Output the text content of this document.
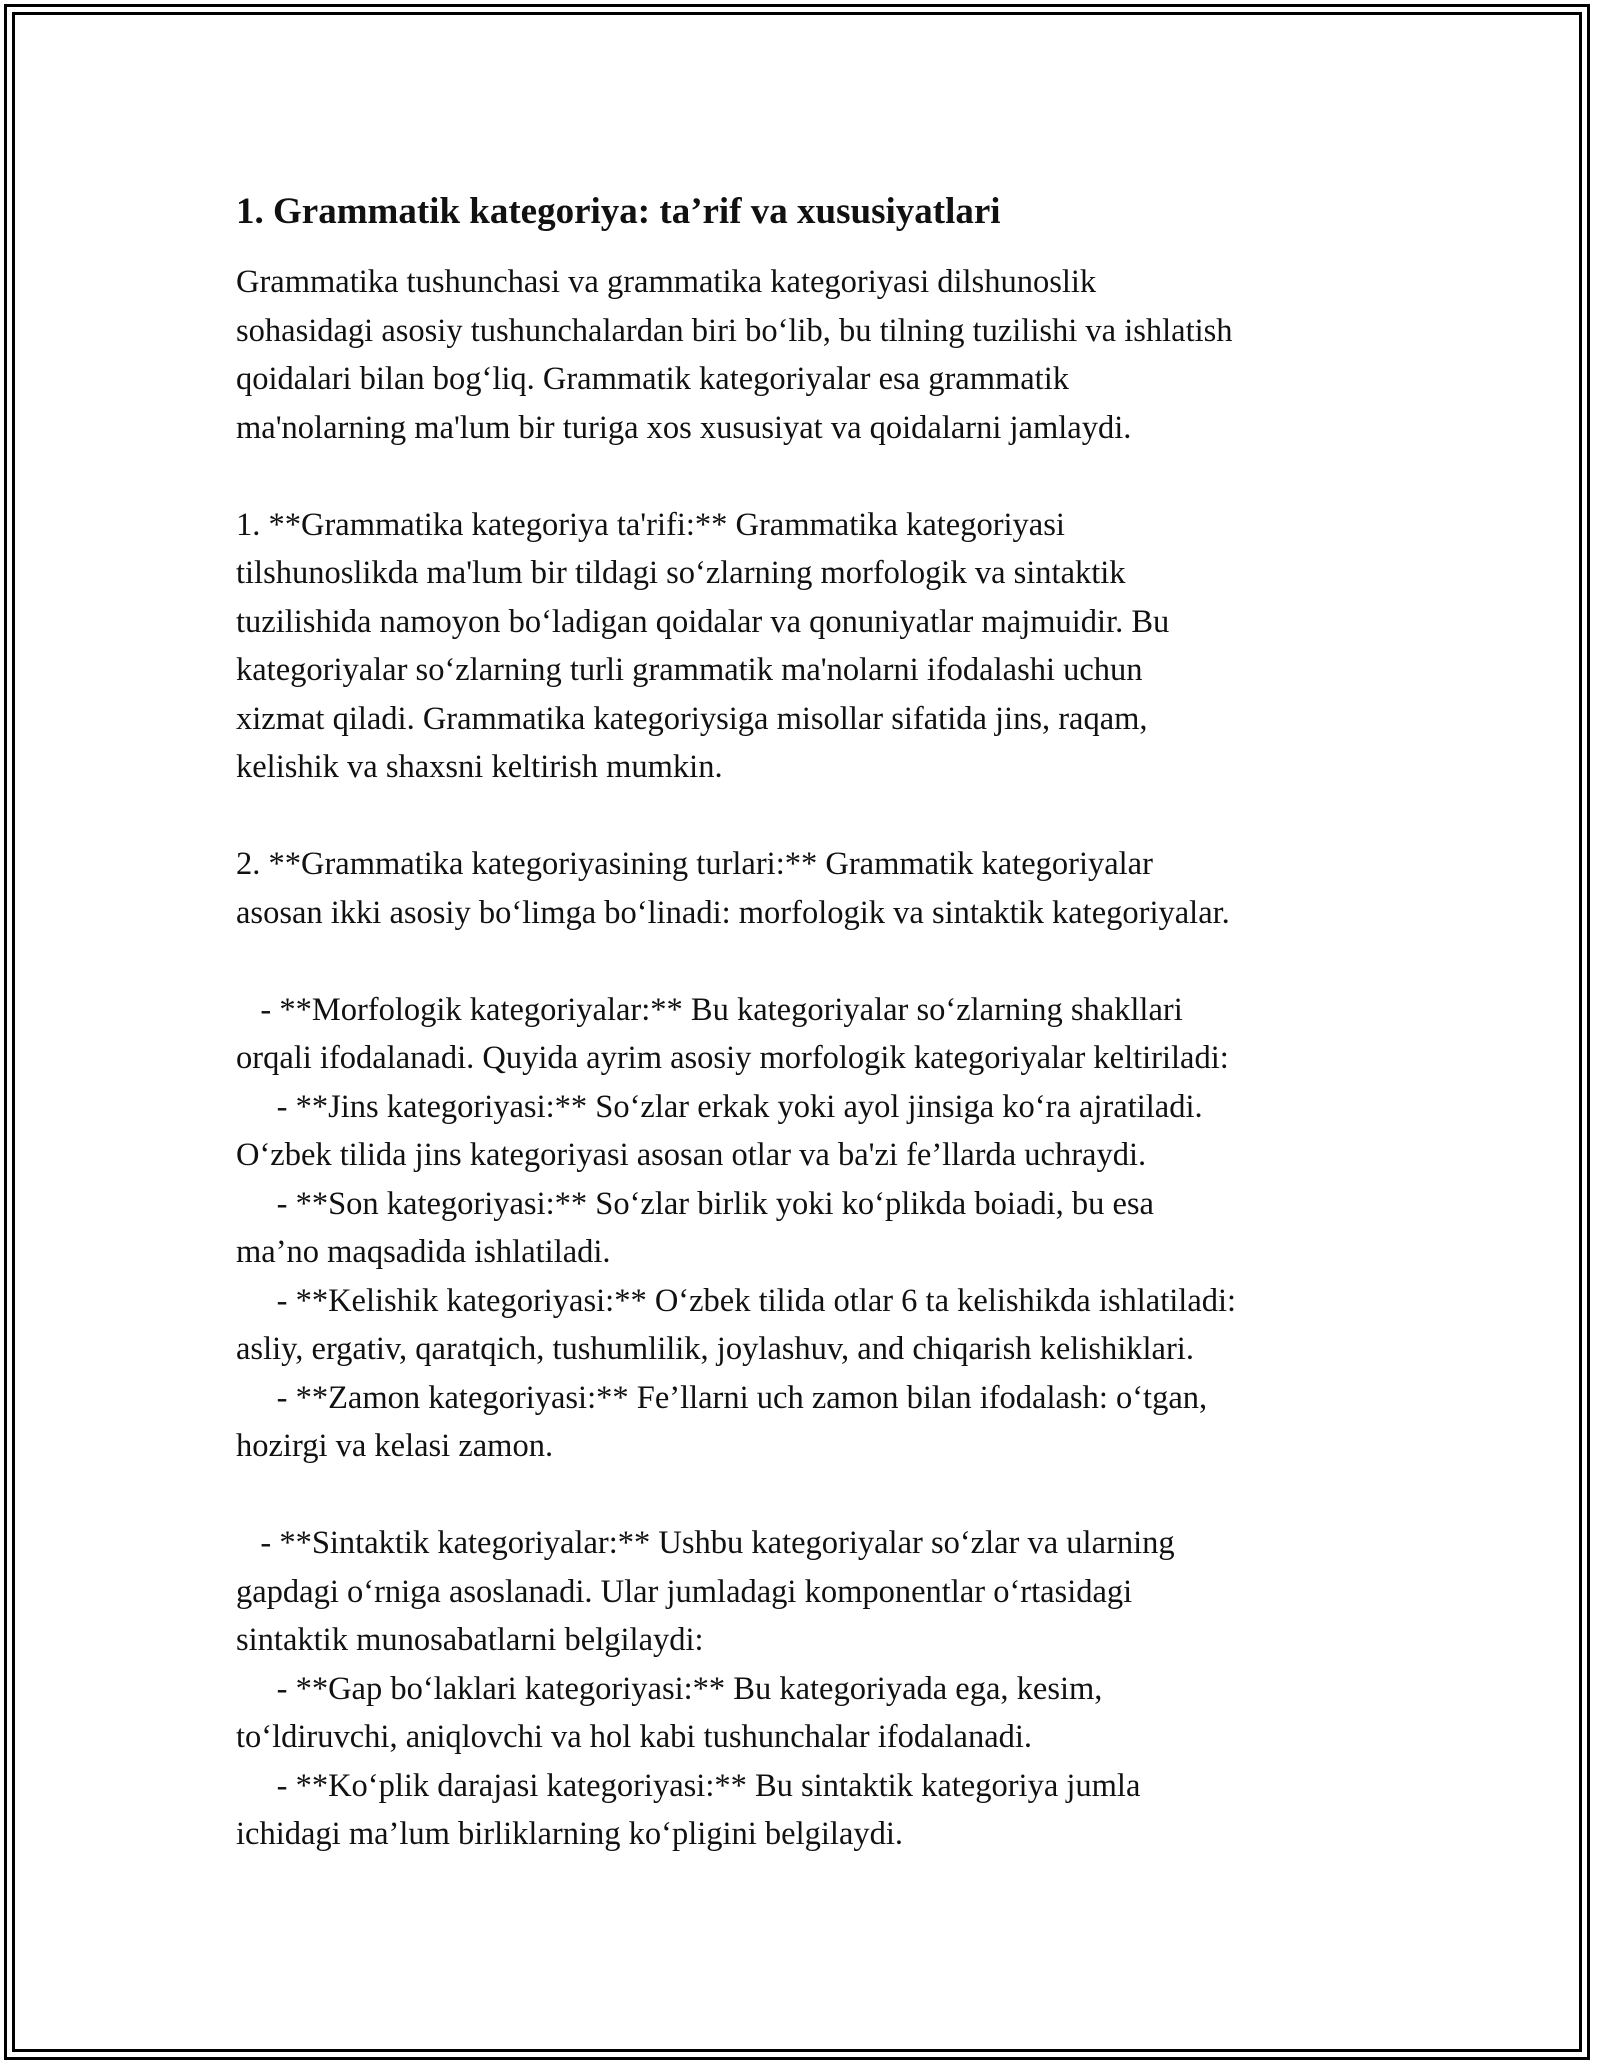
1. Grammatik kategoriya: ta’rif va xususiyatlari

Grammatika tushunchasi va grammatika kategoriyasi dilshunoslik
sohasidagi asosiy tushunchalardan biri bo‘lib, bu tilning tuzilishi va ishlatish
qoidalari bilan bog‘liq. Grammatik kategoriyalar esa grammatik
ma'nolarning ma'lum bir turiga xos xususiyat va qoidalarni jamlaydi.

1. **Grammatika kategoriya ta'rifi:** Grammatika kategoriyasi
tilshunoslikda ma'lum bir tildagi so‘zlarning morfologik va sintaktik
tuzilishida namoyon bo‘ladigan qoidalar va qonuniyatlar majmuidir. Bu
kategoriyalar so‘zlarning turli grammatik ma'nolarni ifodalashi uchun
xizmat qiladi. Grammatika kategoriysiga misollar sifatida jins, raqam,
kelishik va shaxsni keltirish mumkin.

2. **Grammatika kategoriyasining turlari:** Grammatik kategoriyalar
asosan ikki asosiy bo‘limga bo‘linadi: morfologik va sintaktik kategoriyalar.

- **Morfologik kategoriyalar:** Bu kategoriyalar so‘zlarning shakllari
orqali ifodalanadi. Quyida ayrim asosiy morfologik kategoriyalar keltiriladi:
- **Jins kategoriyasi:** So‘zlar erkak yoki ayol jinsiga ko‘ra ajratiladi.
O‘zbek tilida jins kategoriyasi asosan otlar va ba'zi fe’llarda uchraydi.
- **Son kategoriyasi:** So‘zlar birlik yoki ko‘plikda boiadi, bu esa
ma’no maqsadida ishlatiladi.
- **Kelishik kategoriyasi:** O‘zbek tilida otlar 6 ta kelishikda ishlatiladi:
asliy, ergativ, qaratqich, tushumlilik, joylashuv, and chiqarish kelishiklari.
- **Zamon kategoriyasi:** Fe’llarni uch zamon bilan ifodalash: o‘tgan,
hozirgi va kelasi zamon.

- **Sintaktik kategoriyalar:** Ushbu kategoriyalar so‘zlar va ularning
gapdagi o‘rniga asoslanadi. Ular jumladagi komponentlar o‘rtasidagi
sintaktik munosabatlarni belgilaydi:
- **Gap bo‘laklari kategoriyasi:** Bu kategoriyada ega, kesim,
to‘ldiruvchi, aniqlovchi va hol kabi tushunchalar ifodalanadi.
- **Ko‘plik darajasi kategoriyasi:** Bu sintaktik kategoriya jumla
ichidagi ma’lum birliklarning ko‘pligini belgilaydi.
